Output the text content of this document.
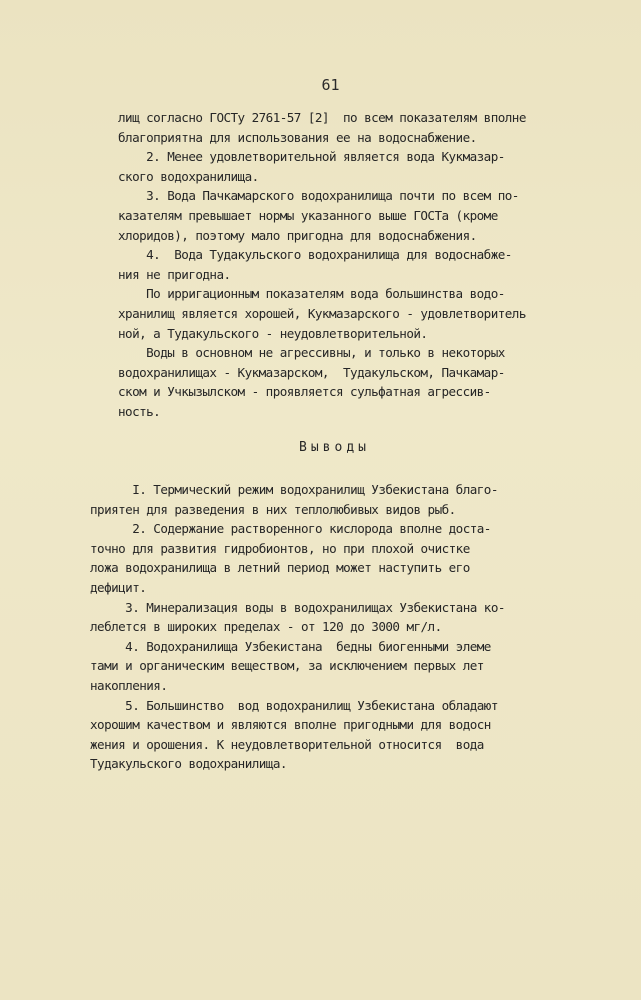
61
лищ согласно ГОСТу 2761-57 [2]  по всем показателям вполне
благоприятна для использования ее на водоснабжение.
2. Менее удовлетворительной является вода Кукмазар-
ского водохранилища.
3. Вода Пачкамарского водохранилища почти по всем по-
казателям превышает нормы указанного выше ГОСТа (кроме
хлоридов), поэтому мало пригодна для водоснабжения.
4.  Вода Тудакульского водохранилища для водоснабже-
ния не пригодна.
По ирригационным показателям вода большинства водо-
хранилищ является хорошей, Кукмазарского - удовлетворитель
ной, а Тудакульского - неудовлетворительной.
Воды в основном не агрессивны, и только в некоторых
водохранилищах - Кукмазарском,  Тудакульском, Пачкамар-
ском и Учкызылском - проявляется сульфатная агрессив-
ность.
Выводы
I. Термический режим водохранилищ Узбекистана благо-
приятен для разведения в них теплолюбивых видов рыб.
2. Содержание растворенного кислорода вполне доста-
точно для развития гидробионтов, но при плохой очистке
ложа водохранилища в летний период может наступить его
дефицит.
3. Минерализация воды в водохранилищах Узбекистана ко-
леблется в широких пределах - от 120 до 3000 мг/л.
4. Водохранилища Узбекистана  бедны биогенными элеме
тами и органическим веществом, за исключением первых лет
накопления.
5. Большинство  вод водохранилищ Узбекистана обладают
хорошим качеством и являются вполне пригодными для водосн
жения и орошения. К неудовлетворительной относится  вода
Тудакульского водохранилища.
